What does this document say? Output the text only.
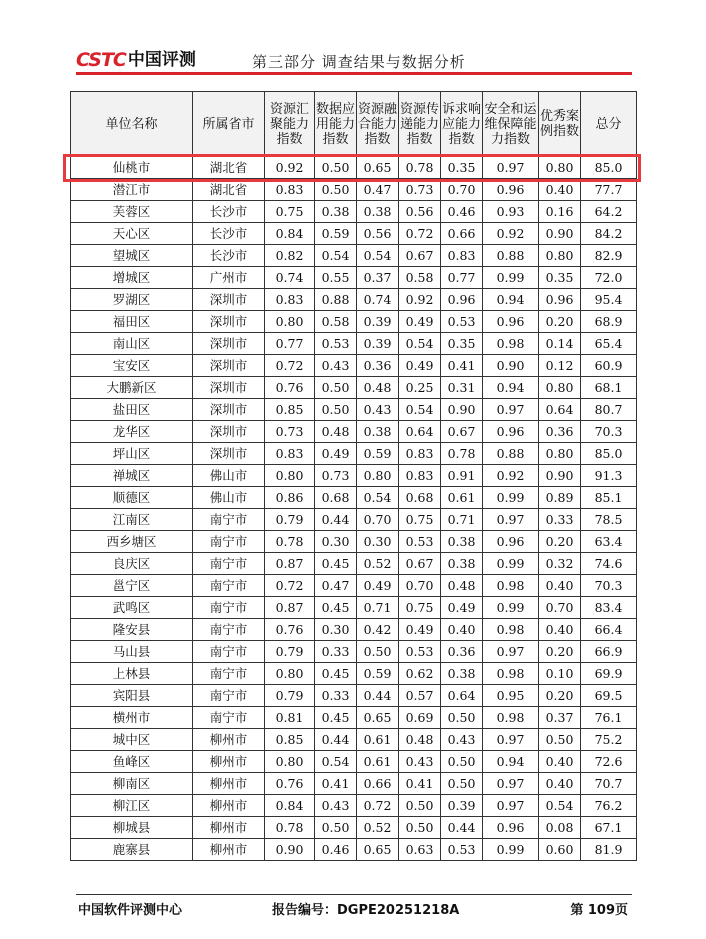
CSTC 中国评测	第三部分 调查结果与数据分析
单位名称	所属省市	资源汇聚能力指数	数据应用能力指数	资源融合能力指数	资源传递能力指数	诉求响应能力指数	安全和运维保障能力指数	优秀案例指数	总分

仙桃市	湖北省	0.92	0.50	0.65	0.78	0.35	0.97	0.80	85.0
潜江市	湖北省	0.83	0.50	0.47	0.73	0.70	0.96	0.40	77.7
芙蓉区	长沙市	0.75	0.38	0.38	0.56	0.46	0.93	0.16	64.2
天心区	长沙市	0.84	0.59	0.56	0.72	0.66	0.92	0.90	84.2
望城区	长沙市	0.82	0.54	0.54	0.67	0.83	0.88	0.80	82.9
增城区	广州市	0.74	0.55	0.37	0.58	0.77	0.99	0.35	72.0
罗湖区	深圳市	0.83	0.88	0.74	0.92	0.96	0.94	0.96	95.4
福田区	深圳市	0.80	0.58	0.39	0.49	0.53	0.96	0.20	68.9
南山区	深圳市	0.77	0.53	0.39	0.54	0.35	0.98	0.14	65.4
宝安区	深圳市	0.72	0.43	0.36	0.49	0.41	0.90	0.12	60.9
大鹏新区	深圳市	0.76	0.50	0.48	0.25	0.31	0.94	0.80	68.1
盐田区	深圳市	0.85	0.50	0.43	0.54	0.90	0.97	0.64	80.7
龙华区	深圳市	0.73	0.48	0.38	0.64	0.67	0.96	0.36	70.3
坪山区	深圳市	0.83	0.49	0.59	0.83	0.78	0.88	0.80	85.0
禅城区	佛山市	0.80	0.73	0.80	0.83	0.91	0.92	0.90	91.3
顺德区	佛山市	0.86	0.68	0.54	0.68	0.61	0.99	0.89	85.1
江南区	南宁市	0.79	0.44	0.70	0.75	0.71	0.97	0.33	78.5
西乡塘区	南宁市	0.78	0.30	0.30	0.53	0.38	0.96	0.20	63.4
良庆区	南宁市	0.87	0.45	0.52	0.67	0.38	0.99	0.32	74.6
邕宁区	南宁市	0.72	0.47	0.49	0.70	0.48	0.98	0.40	70.3
武鸣区	南宁市	0.87	0.45	0.71	0.75	0.49	0.99	0.70	83.4
隆安县	南宁市	0.76	0.30	0.42	0.49	0.40	0.98	0.40	66.4
马山县	南宁市	0.79	0.33	0.50	0.53	0.36	0.97	0.20	66.9
上林县	南宁市	0.80	0.45	0.59	0.62	0.38	0.98	0.10	69.9
宾阳县	南宁市	0.79	0.33	0.44	0.57	0.64	0.95	0.20	69.5
横州市	南宁市	0.81	0.45	0.65	0.69	0.50	0.98	0.37	76.1
城中区	柳州市	0.85	0.44	0.61	0.48	0.43	0.97	0.50	75.2
鱼峰区	柳州市	0.80	0.54	0.61	0.43	0.50	0.94	0.40	72.6
柳南区	柳州市	0.76	0.41	0.66	0.41	0.50	0.97	0.40	70.7
柳江区	柳州市	0.84	0.43	0.72	0.50	0.39	0.97	0.54	76.2
柳城县	柳州市	0.78	0.50	0.52	0.50	0.44	0.96	0.08	67.1
鹿寨县	柳州市	0.90	0.46	0.65	0.63	0.53	0.99	0.60	81.9
中国软件评测中心	报告编号：DGPE20251218A	第 109页
